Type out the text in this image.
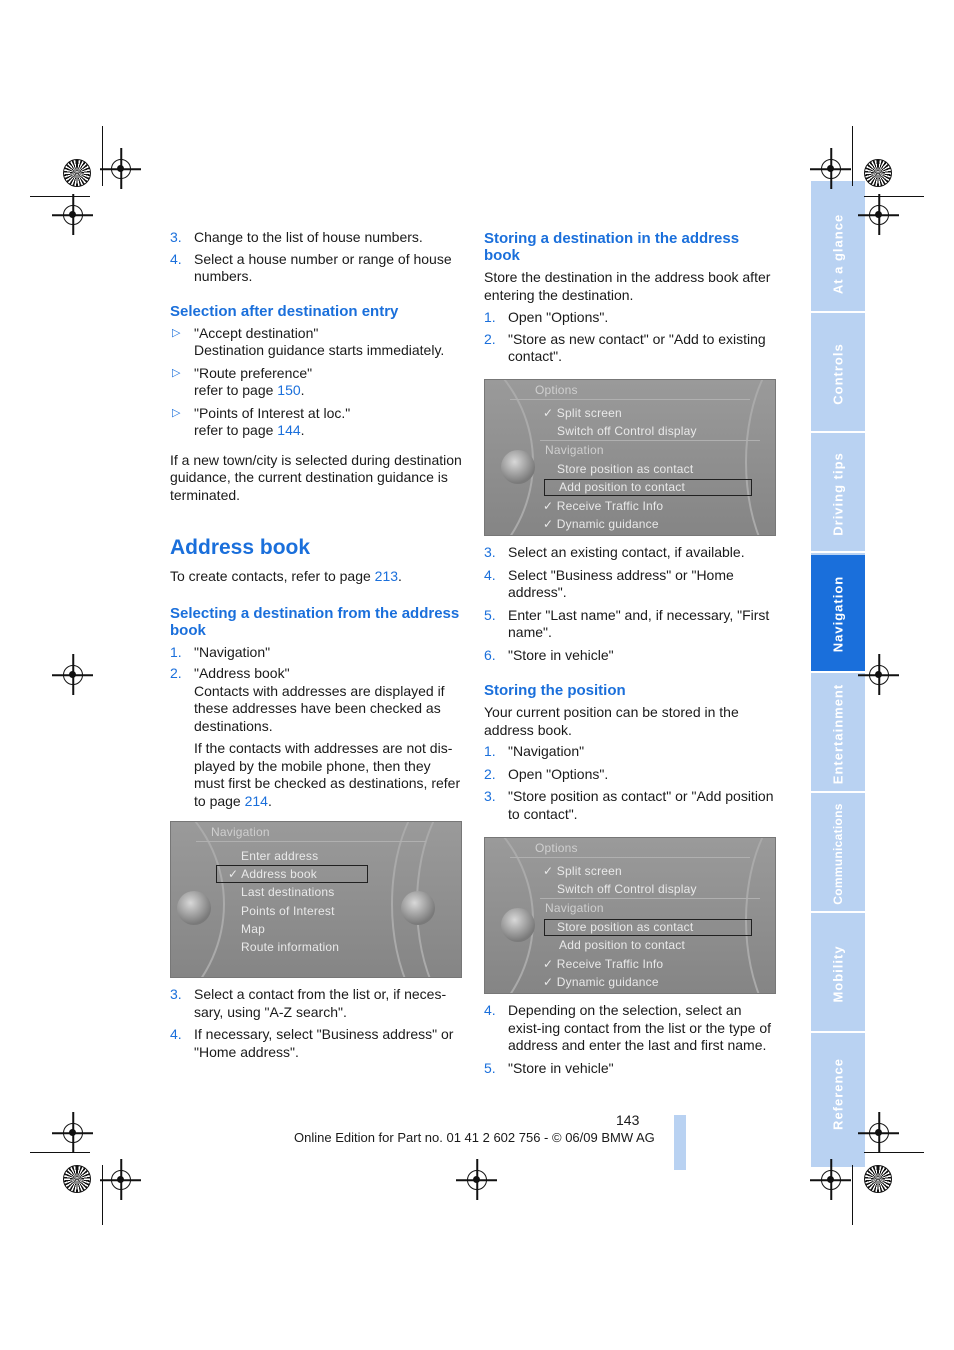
3. Change to the list of house numbers.
4. Select a house number or range of house numbers.

Selection after destination entry

▷ "Accept destination"
Destination guidance starts immediately.
▷ "Route preference"
refer to page 150.
▷ "Points of Interest at loc."
refer to page 144.

If a new town/city is selected during destination guidance, the current destination guidance is terminated.

Address book

To create contacts, refer to page 213.

Selecting a destination from the address book

1. "Navigation"
2. "Address book"
Contacts with addresses are displayed if these addresses have been checked as destinations.
If the contacts with addresses are not dis-played by the mobile phone, then they must first be checked as destinations, refer to page 214.
Navigation
Enter address
✓ Address book
Last destinations
Points of Interest
Map
Route information
3. Select a contact from the list or, if neces-sary, using "A-Z search".
4. If necessary, select "Business address" or "Home address".

Storing a destination in the address book

Store the destination in the address book after entering the destination.

1. Open "Options".
2. "Store as new contact" or "Add to existing contact".
Options
✓ Split screen
Switch off Control display
Navigation
Store position as contact
Add position to contact
✓ Receive Traffic Info
✓ Dynamic guidance
3. Select an existing contact, if available.
4. Select "Business address" or "Home address".
5. Enter "Last name" and, if necessary, "First name".
6. "Store in vehicle"

Storing the position

Your current position can be stored in the address book.

1. "Navigation"
2. Open "Options".
3. "Store position as contact" or "Add position to contact".
Options
✓ Split screen
Switch off Control display
Navigation
Store position as contact
Add position to contact
✓ Receive Traffic Info
✓ Dynamic guidance
4. Depending on the selection, select an exist-ing contact from the list or the type of address and enter the last and first name.
5. "Store in vehicle"
At a glance
Controls
Driving tips
Navigation
Entertainment
Communications
Mobility
Reference
143
Online Edition for Part no. 01 41 2 602 756 - © 06/09 BMW AG
